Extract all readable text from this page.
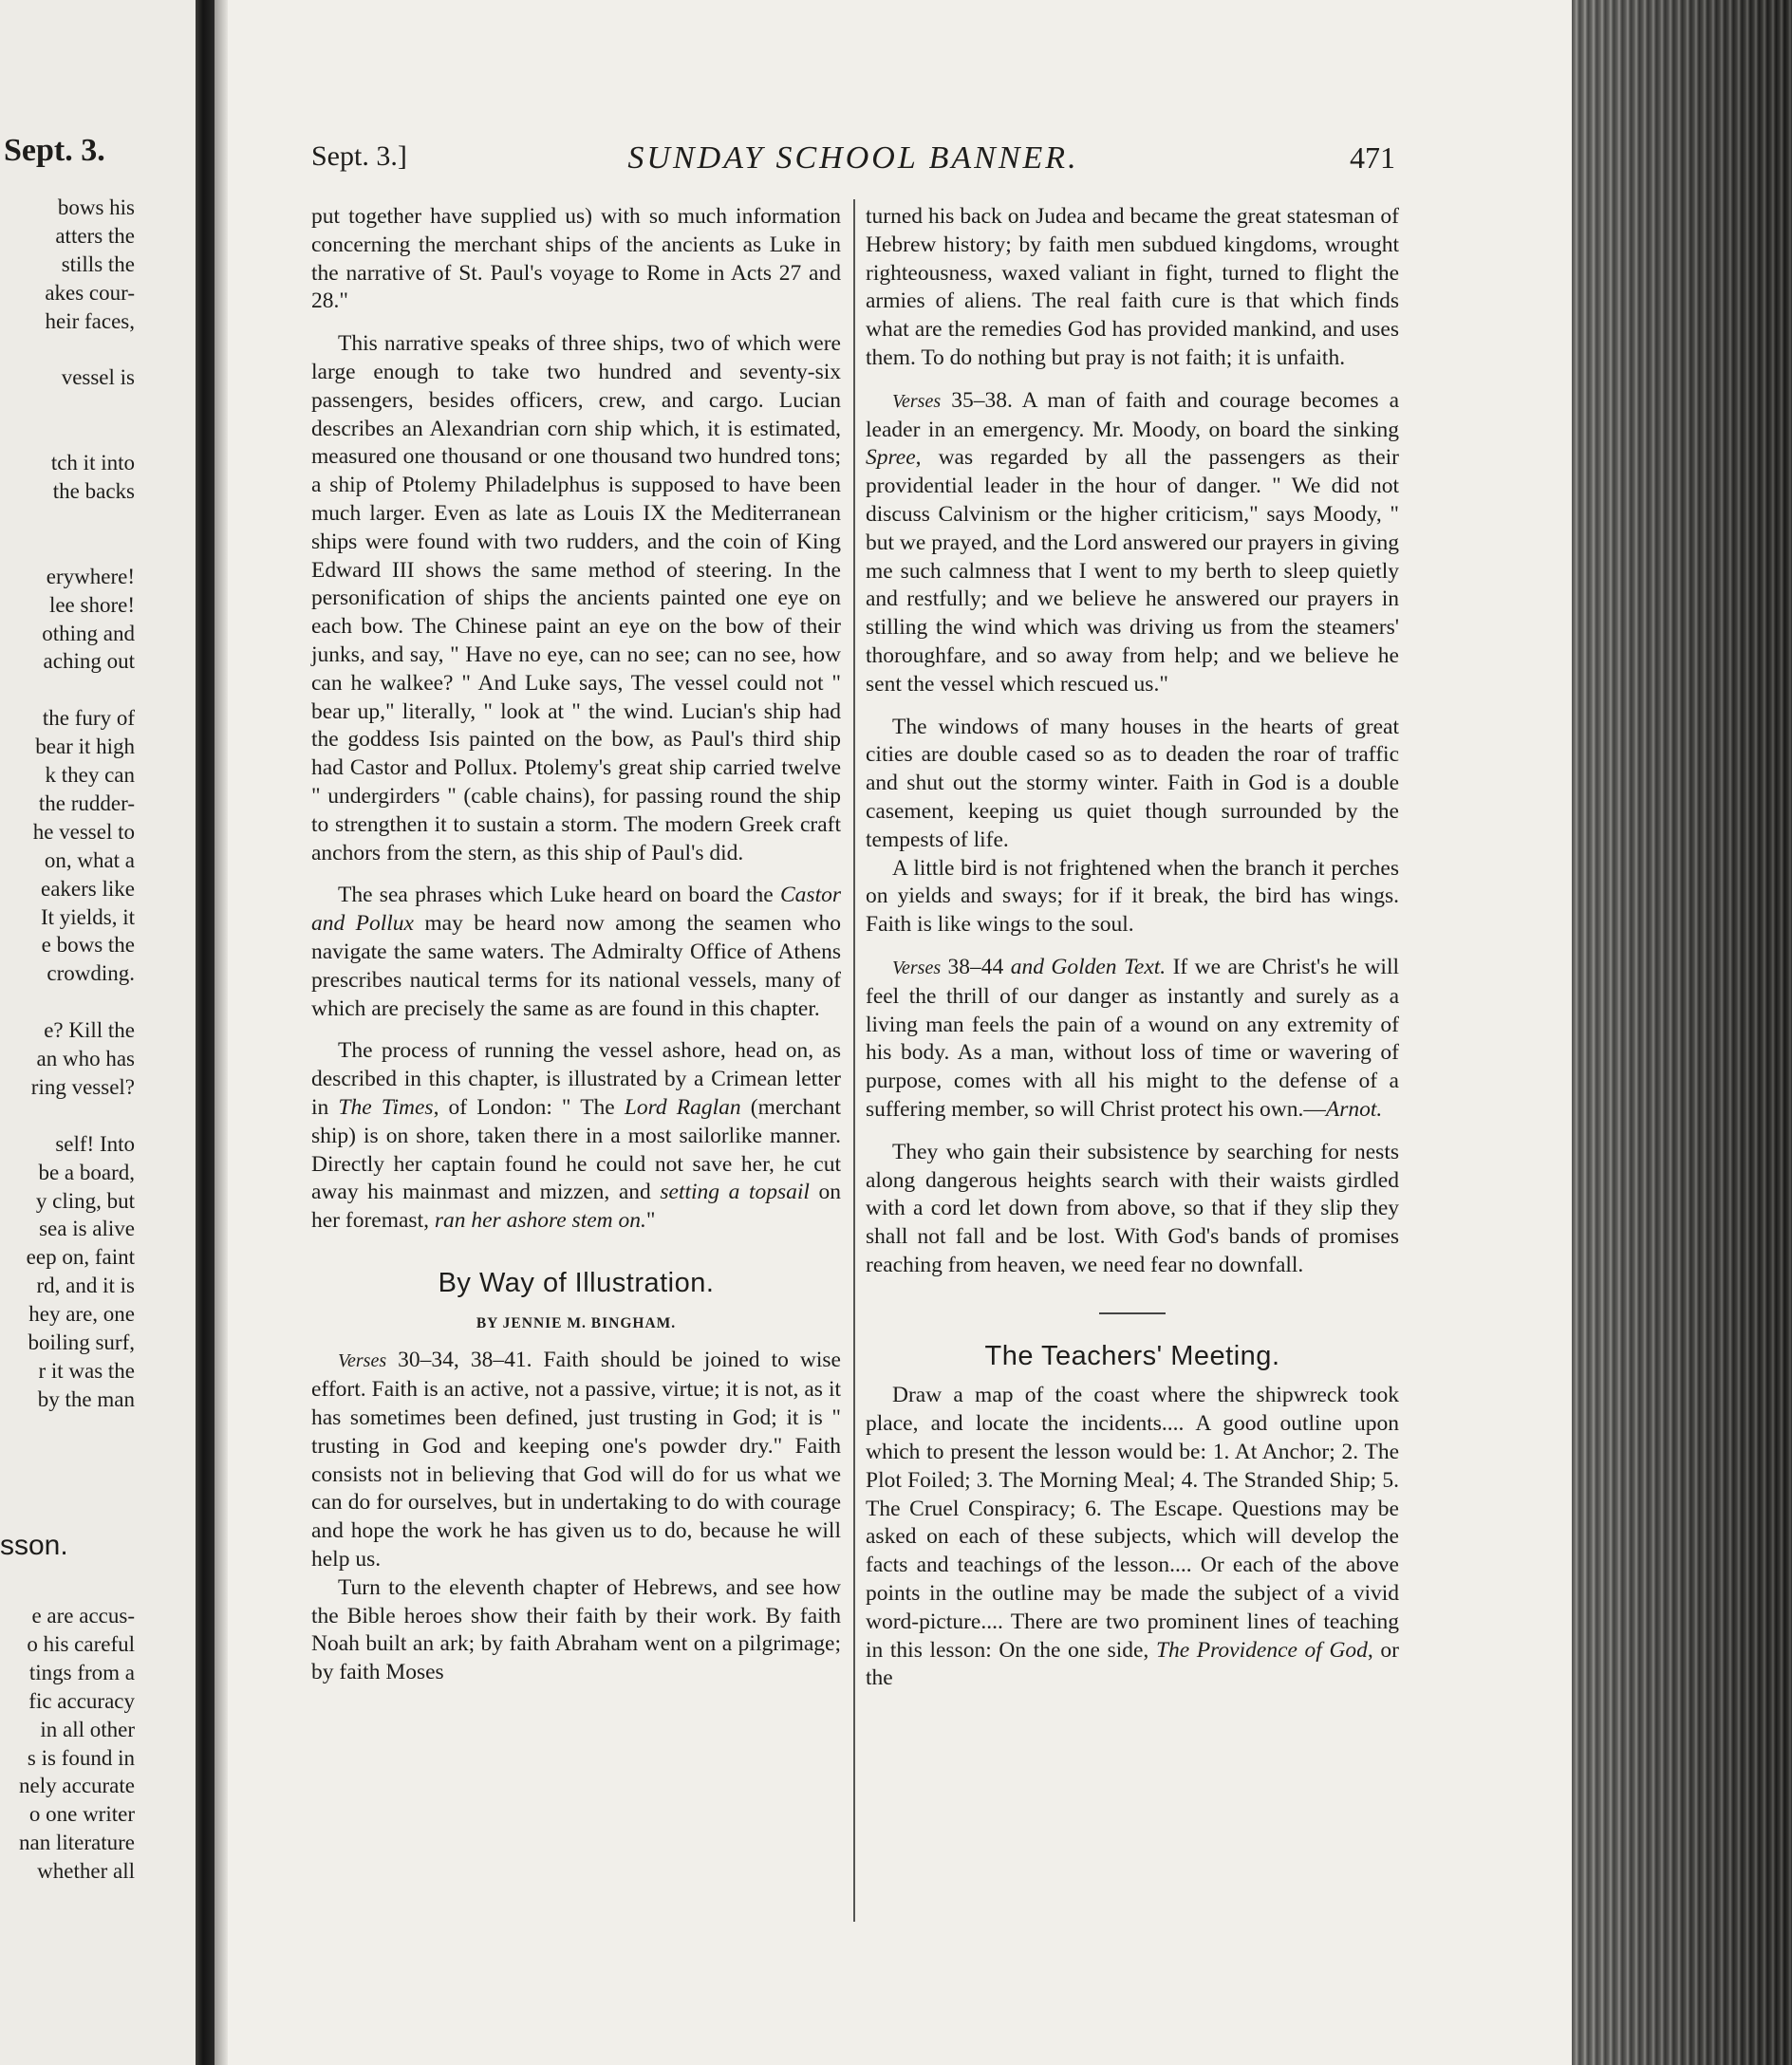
Sept. 3.
bows his
atters the
stills the
akes cour-
heir faces,
vessel is
tch it into
the backs
erywhere!
lee shore!
othing and
aching out
the fury of
bear it high
k they can
the rudder-
he vessel to
on, what a
eakers like
It yields, it
e bows the
crowding.
e? Kill the
an who has
ring vessel?
self! Into
be a board,
y cling, but
sea is alive
eep on, faint
rd, and it is
hey are, one
boiling surf,
r it was the
by the man
sson.
e are accus-
o his careful
tings from a
fic accuracy
in all other
s is found in
nely accurate
o one writer
nan literature
whether all
Sept. 3.]	SUNDAY SCHOOL BANNER.	471

put together have supplied us) with so much information concerning the merchant ships of the ancients as Luke in the narrative of St. Paul's voyage to Rome in Acts 27 and 28."

This narrative speaks of three ships, two of which were large enough to take two hundred and seventy-six passengers, besides officers, crew, and cargo. Lucian describes an Alexandrian corn ship which, it is estimated, measured one thousand or one thousand two hundred tons; a ship of Ptolemy Philadelphus is supposed to have been much larger. Even as late as Louis IX the Mediterranean ships were found with two rudders, and the coin of King Edward III shows the same method of steering. In the personification of ships the ancients painted one eye on each bow. The Chinese paint an eye on the bow of their junks, and say, " Have no eye, can no see; can no see, how can he walkee? " And Luke says, The vessel could not " bear up," literally, " look at " the wind. Lucian's ship had the goddess Isis painted on the bow, as Paul's third ship had Castor and Pollux. Ptolemy's great ship carried twelve " undergirders " (cable chains), for passing round the ship to strengthen it to sustain a storm. The modern Greek craft anchors from the stern, as this ship of Paul's did.

The sea phrases which Luke heard on board the Castor and Pollux may be heard now among the seamen who navigate the same waters. The Admiralty Office of Athens prescribes nautical terms for its national vessels, many of which are precisely the same as are found in this chapter.

The process of running the vessel ashore, head on, as described in this chapter, is illustrated by a Crimean letter in The Times, of London: " The Lord Raglan (merchant ship) is on shore, taken there in a most sailorlike manner. Directly her captain found he could not save her, he cut away his mainmast and mizzen, and setting a topsail on her foremast, ran her ashore stem on."

By Way of Illustration.
BY JENNIE M. BINGHAM.

Verses 30–34, 38–41. Faith should be joined to wise effort. Faith is an active, not a passive, virtue; it is not, as it has sometimes been defined, just trusting in God; it is " trusting in God and keeping one's powder dry." Faith consists not in believing that God will do for us what we can do for ourselves, but in undertaking to do with courage and hope the work he has given us to do, because he will help us.

Turn to the eleventh chapter of Hebrews, and see how the Bible heroes show their faith by their work. By faith Noah built an ark; by faith Abraham went on a pilgrimage; by faith Moses

turned his back on Judea and became the great statesman of Hebrew history; by faith men subdued kingdoms, wrought righteousness, waxed valiant in fight, turned to flight the armies of aliens. The real faith cure is that which finds what are the remedies God has provided mankind, and uses them. To do nothing but pray is not faith; it is unfaith.

Verses 35–38. A man of faith and courage becomes a leader in an emergency. Mr. Moody, on board the sinking Spree, was regarded by all the passengers as their providential leader in the hour of danger. " We did not discuss Calvinism or the higher criticism," says Moody, " but we prayed, and the Lord answered our prayers in giving me such calmness that I went to my berth to sleep quietly and restfully; and we believe he answered our prayers in stilling the wind which was driving us from the steamers' thoroughfare, and so away from help; and we believe he sent the vessel which rescued us."

The windows of many houses in the hearts of great cities are double cased so as to deaden the roar of traffic and shut out the stormy winter. Faith in God is a double casement, keeping us quiet though surrounded by the tempests of life.

A little bird is not frightened when the branch it perches on yields and sways; for if it break, the bird has wings. Faith is like wings to the soul.

Verses 38–44 and Golden Text. If we are Christ's he will feel the thrill of our danger as instantly and surely as a living man feels the pain of a wound on any extremity of his body. As a man, without loss of time or wavering of purpose, comes with all his might to the defense of a suffering member, so will Christ protect his own.—Arnot.

They who gain their subsistence by searching for nests along dangerous heights search with their waists girdled with a cord let down from above, so that if they slip they shall not fall and be lost. With God's bands of promises reaching from heaven, we need fear no downfall.

The Teachers' Meeting.

Draw a map of the coast where the shipwreck took place, and locate the incidents.... A good outline upon which to present the lesson would be: 1. At Anchor; 2. The Plot Foiled; 3. The Morning Meal; 4. The Stranded Ship; 5. The Cruel Conspiracy; 6. The Escape. Questions may be asked on each of these subjects, which will develop the facts and teachings of the lesson.... Or each of the above points in the outline may be made the subject of a vivid word-picture.... There are two prominent lines of teaching in this lesson: On the one side, The Providence of God, or the
